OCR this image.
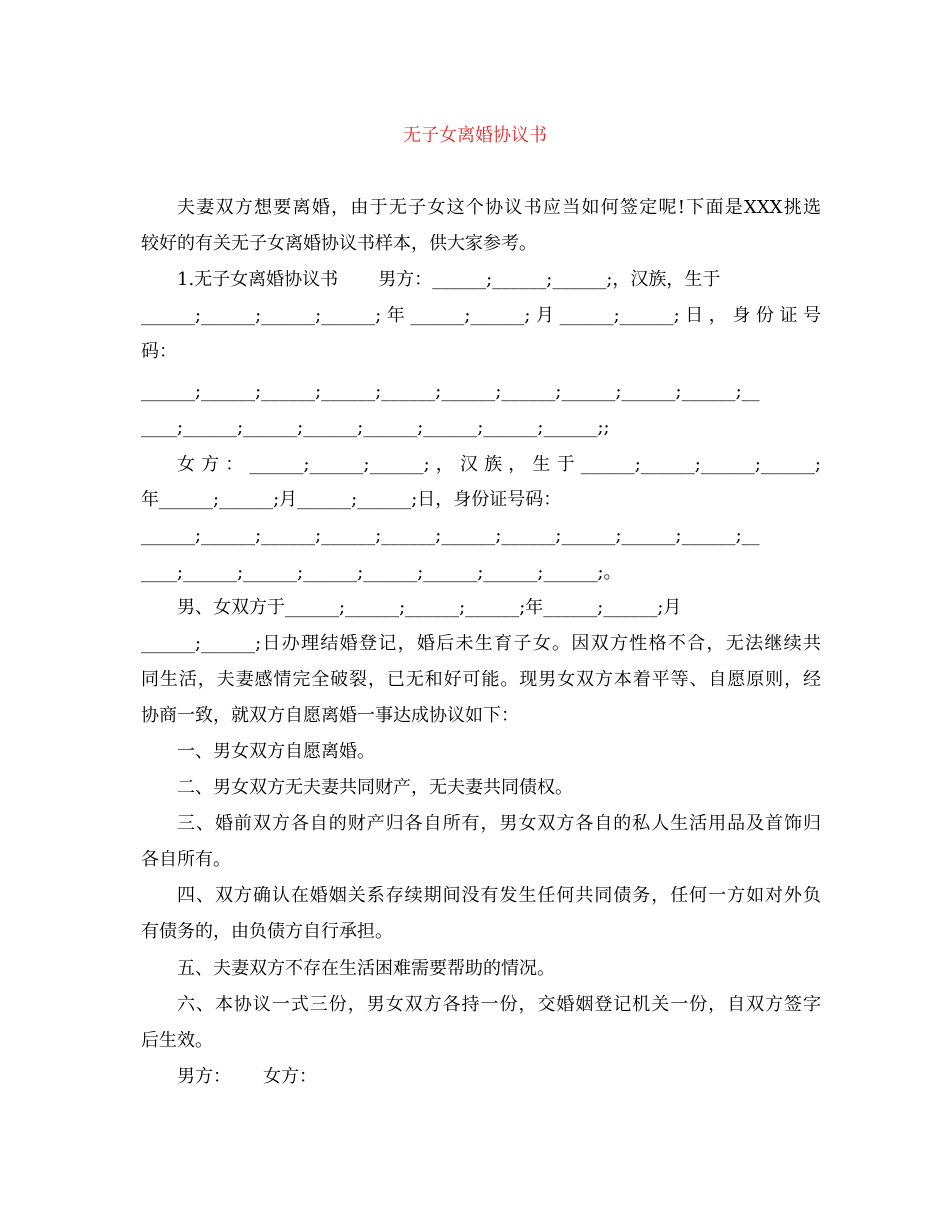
无子女离婚协议书
夫妻双方想要离婚，由于无子女这个协议书应当如何签定呢!下面是XXX挑选
较好的有关无子女离婚协议书样本，供大家参考。
1.无子女离婚协议书 男方：______;______;______;，汉族，生于
______;______;______;______;年______;______;月______;______;日，身份证号
码：
______;______;______;______;______;______;______;______;______;______;__
____;______;______;______;______;______;______;______;;
女方：______;______;______;，汉族，生于______;______;______;______;
年______;______;月______;______;日，身份证号码：
______;______;______;______;______;______;______;______;______;______;__
____;______;______;______;______;______;______;______;。
男、女双方于______;______;______;______;年______;______;月
______;______;日办理结婚登记，婚后未生育子女。因双方性格不合，无法继续共
同生活，夫妻感情完全破裂，已无和好可能。现男女双方本着平等、自愿原则，经
协商一致，就双方自愿离婚一事达成协议如下：
一、男女双方自愿离婚。
二、男女双方无夫妻共同财产，无夫妻共同债权。
三、婚前双方各自的财产归各自所有，男女双方各自的私人生活用品及首饰归
各自所有。
四、双方确认在婚姻关系存续期间没有发生任何共同债务，任何一方如对外负
有债务的，由负债方自行承担。
五、夫妻双方不存在生活困难需要帮助的情况。
六、本协议一式三份，男女双方各持一份，交婚姻登记机关一份，自双方签字
后生效。
男方： 女方：
